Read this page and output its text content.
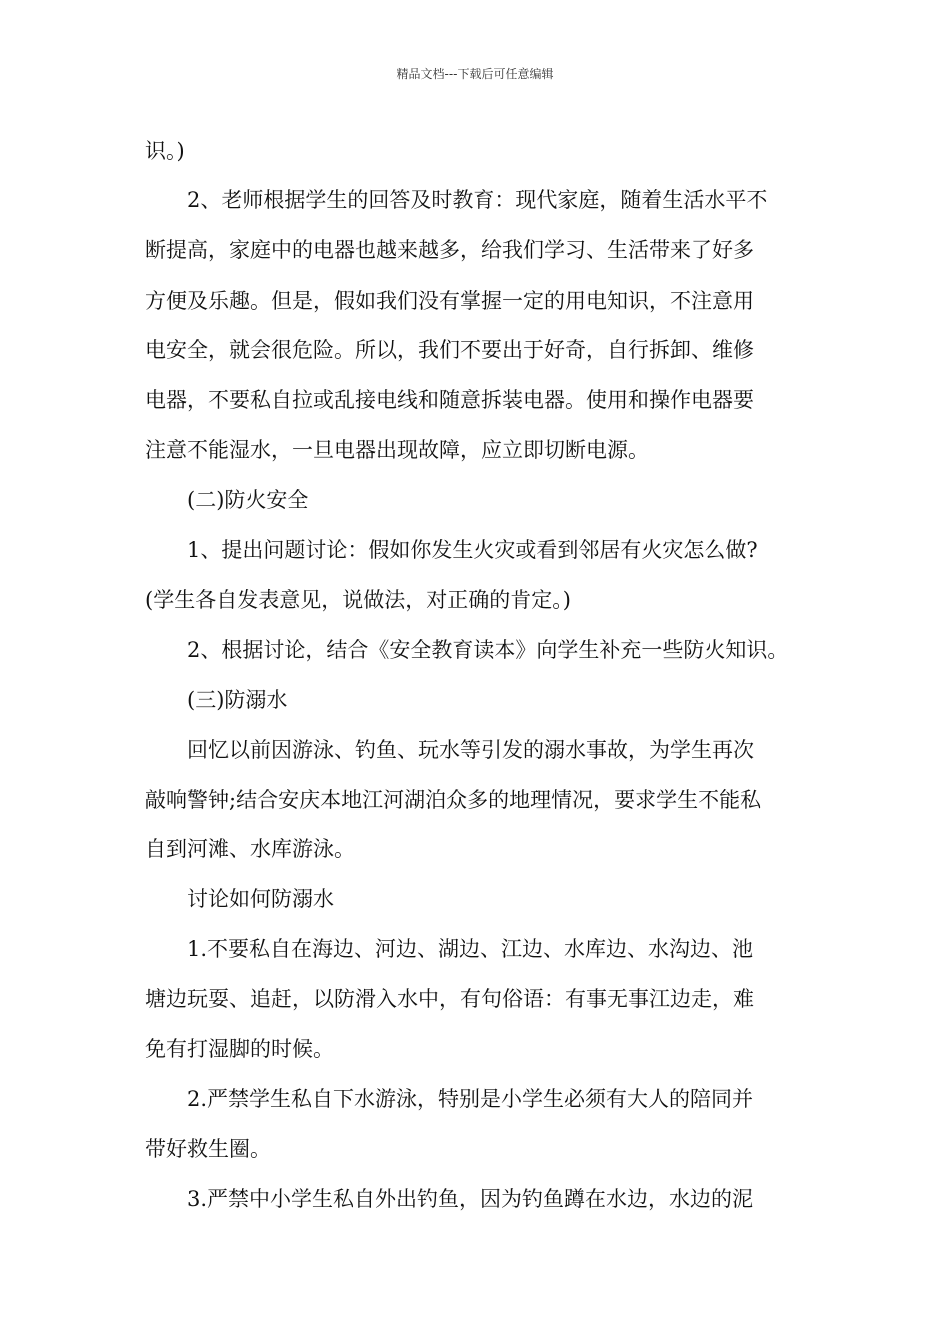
精品文档---下载后可任意编辑

识。)

2、老师根据学生的回答及时教育：现代家庭，随着生活水平不

断提高，家庭中的电器也越来越多，给我们学习、生活带来了好多

方便及乐趣。但是，假如我们没有掌握一定的用电知识，不注意用

电安全，就会很危险。所以，我们不要出于好奇，自行拆卸、维修

电器，不要私自拉或乱接电线和随意拆装电器。使用和操作电器要

注意不能湿水，一旦电器出现故障，应立即切断电源。

(二)防火安全

1、提出问题讨论：假如你发生火灾或看到邻居有火灾怎么做?

(学生各自发表意见，说做法，对正确的肯定。)

2、根据讨论，结合《安全教育读本》向学生补充一些防火知识。

(三)防溺水

回忆以前因游泳、钓鱼、玩水等引发的溺水事故，为学生再次

敲响警钟;结合安庆本地江河湖泊众多的地理情况，要求学生不能私

自到河滩、水库游泳。

讨论如何防溺水

1.不要私自在海边、河边、湖边、江边、水库边、水沟边、池

塘边玩耍、追赶，以防滑入水中，有句俗语：有事无事江边走，难

免有打湿脚的时候。

2.严禁学生私自下水游泳，特别是小学生必须有大人的陪同并

带好救生圈。

3.严禁中小学生私自外出钓鱼，因为钓鱼蹲在水边，水边的泥
